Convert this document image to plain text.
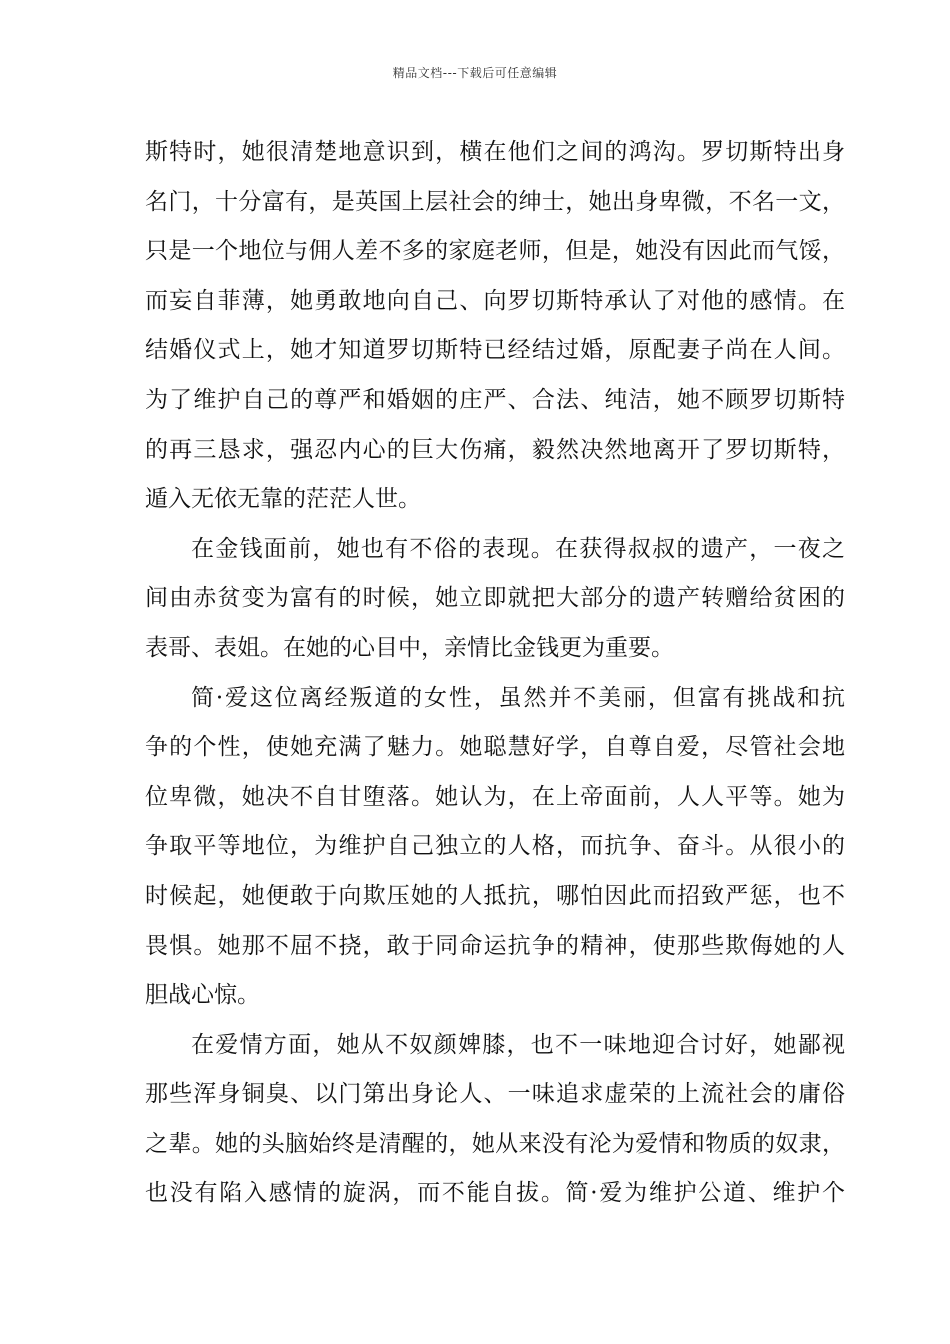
精品文档---下载后可任意编辑
斯特时，她很清楚地意识到，横在他们之间的鸿沟。罗切斯特出身
名门，十分富有，是英国上层社会的绅士，她出身卑微，不名一文，
只是一个地位与佣人差不多的家庭老师，但是，她没有因此而气馁，
而妄自菲薄，她勇敢地向自己、向罗切斯特承认了对他的感情。在
结婚仪式上，她才知道罗切斯特已经结过婚，原配妻子尚在人间。
为了维护自己的尊严和婚姻的庄严、合法、纯洁，她不顾罗切斯特
的再三恳求，强忍内心的巨大伤痛，毅然决然地离开了罗切斯特，
遁入无依无靠的茫茫人世。
在金钱面前，她也有不俗的表现。在获得叔叔的遗产，一夜之
间由赤贫变为富有的时候，她立即就把大部分的遗产转赠给贫困的
表哥、表姐。在她的心目中，亲情比金钱更为重要。
简·爱这位离经叛道的女性，虽然并不美丽，但富有挑战和抗
争的个性，使她充满了魅力。她聪慧好学，自尊自爱，尽管社会地
位卑微，她决不自甘堕落。她认为，在上帝面前，人人平等。她为
争取平等地位，为维护自己独立的人格，而抗争、奋斗。从很小的
时候起，她便敢于向欺压她的人抵抗，哪怕因此而招致严惩，也不
畏惧。她那不屈不挠，敢于同命运抗争的精神，使那些欺侮她的人
胆战心惊。
在爱情方面，她从不奴颜婢膝，也不一味地迎合讨好，她鄙视
那些浑身铜臭、以门第出身论人、一味追求虚荣的上流社会的庸俗
之辈。她的头脑始终是清醒的，她从来没有沦为爱情和物质的奴隶，
也没有陷入感情的旋涡，而不能自拔。简·爱为维护公道、维护个
